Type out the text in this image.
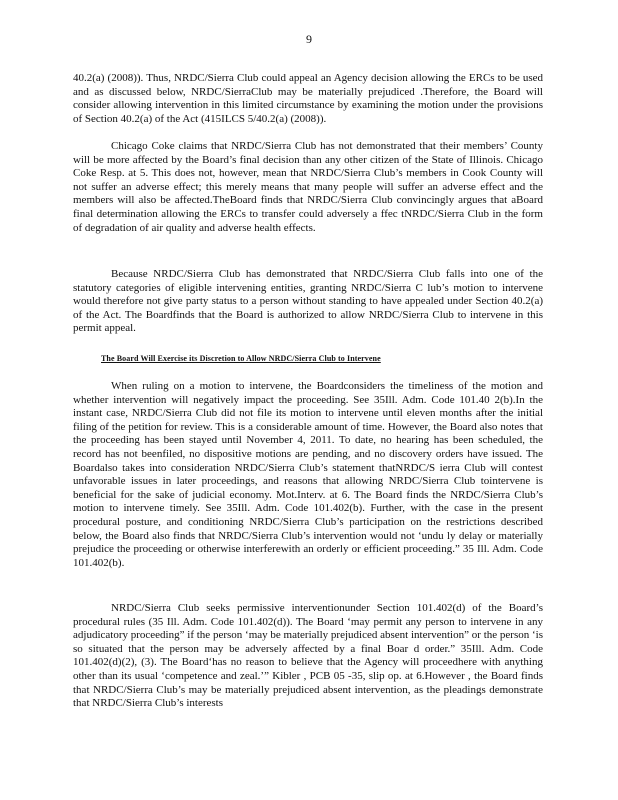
9

40.2(a) (2008)). Thus, NRDC/Sierra Club could appeal an Agency decision allowing the ERCs to be used and as discussed below, NRDC/SierraClub may be materially prejudiced .Therefore, the Board will consider allowing intervention in this limited circumstance by examining the motion under the provisions of Section 40.2(a) of the Act (415ILCS 5/40.2(a) (2008)).

Chicago Coke claims that NRDC/Sierra Club has not demonstrated that their members’ County will be more affected by the Board’s final decision than any other citizen of the State of Illinois. Chicago Coke Resp. at 5. This does not, however, mean that NRDC/Sierra Club’s members in Cook County will not suffer an adverse effect; this merely means that many people will suffer an adverse effect and the members will also be affected.TheBoard finds that NRDC/Sierra Club convincingly argues that aBoard final determination allowing the ERCs to transfer could adversely a ffec tNRDC/Sierra Club in the form of degradation of air quality and adverse health effects.

Because NRDC/Sierra Club has demonstrated that NRDC/Sierra Club falls into one of the statutory categories of eligible intervening entities, granting NRDC/Sierra C lub’s motion to intervene would therefore not give party status to a person without standing to have appealed under Section 40.2(a) of the Act. The Boardfinds that the Board is authorized to allow NRDC/Sierra Club to intervene in this permit appeal.

The Board Will Exercise its Discretion to Allow NRDC/Sierra Club to Intervene

When ruling on a motion to intervene, the Boardconsiders the timeliness of the motion and whether intervention will negatively impact the proceeding. See 35Ill. Adm. Code 101.40 2(b).In the instant case, NRDC/Sierra Club did not file its motion to intervene until eleven months after the initial filing of the petition for review. This is a considerable amount of time. However, the Board also notes that the proceeding has been stayed until November 4, 2011. To date, no hearing has been scheduled, the record has not beenfiled, no dispositive motions are pending, and no discovery orders have issued. The Boardalso takes into consideration NRDC/Sierra Club’s statement thatNRDC/S ierra Club will contest unfavorable issues in later proceedings, and reasons that allowing NRDC/Sierra Club tointervene is beneficial for the sake of judicial economy. Mot.Interv. at 6. The Board finds the NRDC/Sierra Club’s motion to intervene timely. See 35Ill. Adm. Code 101.402(b). Further, with the case in the present procedural posture, and conditioning NRDC/Sierra Club’s participation on the restrictions described below, the Board also finds that NRDC/Sierra Club’s intervention would not ‘undu ly delay or materially prejudice the proceeding or otherwise interferewith an orderly or efficient proceeding.” 35 Ill. Adm. Code 101.402(b).

NRDC/Sierra Club seeks permissive interventionunder Section 101.402(d) of the Board’s procedural rules (35 Ill. Adm. Code 101.402(d)). The Board ‘may permit any person to intervene in any adjudicatory proceeding” if the person ‘may be materially prejudiced absent intervention” or the person ‘is so situated that the person may be adversely affected by a final Boar d order.” 35Ill. Adm. Code 101.402(d)(2), (3). The Board‘has no reason to believe that the Agency will proceedhere with anything other than its usual ‘competence and zeal.’” Kibler , PCB 05 -35, slip op. at 6.However , the Board finds that NRDC/Sierra Club’s may be materially prejudiced absent intervention, as the pleadings demonstrate that NRDC/Sierra Club’s interests
